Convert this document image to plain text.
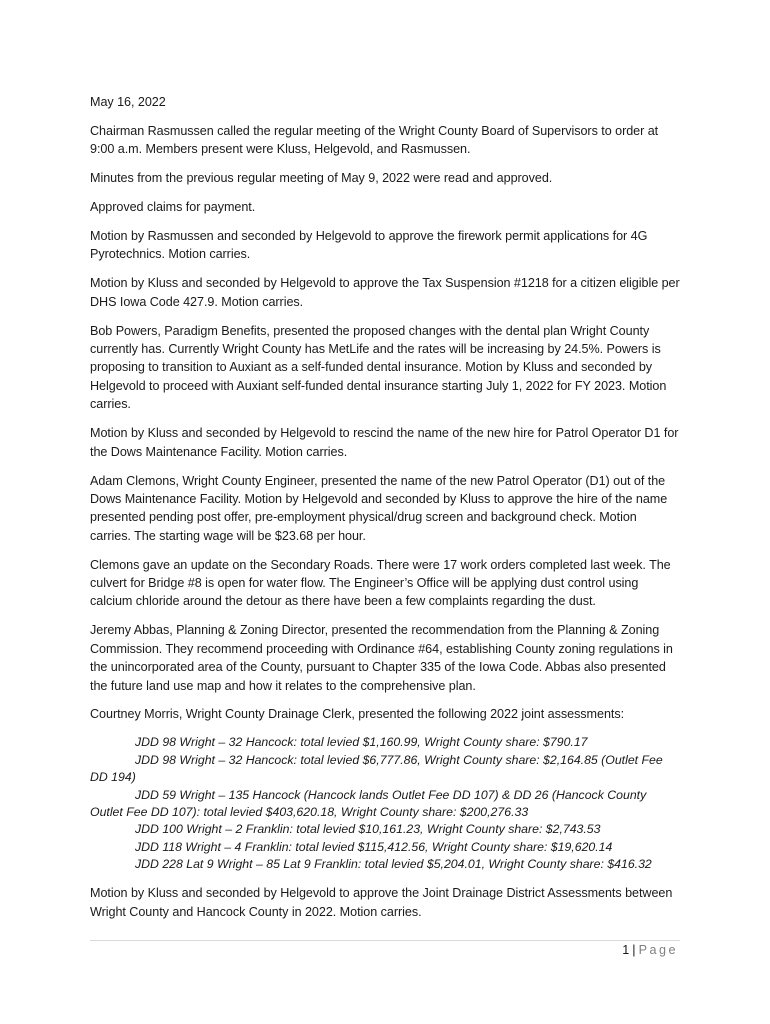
May 16, 2022

Chairman Rasmussen called the regular meeting of the Wright County Board of Supervisors to order at 9:00 a.m. Members present were Kluss, Helgevold, and Rasmussen.

Minutes from the previous regular meeting of May 9, 2022 were read and approved.

Approved claims for payment.

Motion by Rasmussen and seconded by Helgevold to approve the firework permit applications for 4G Pyrotechnics. Motion carries.

Motion by Kluss and seconded by Helgevold to approve the Tax Suspension #1218 for a citizen eligible per DHS Iowa Code 427.9. Motion carries.

Bob Powers, Paradigm Benefits, presented the proposed changes with the dental plan Wright County currently has. Currently Wright County has MetLife and the rates will be increasing by 24.5%. Powers is proposing to transition to Auxiant as a self-funded dental insurance. Motion by Kluss and seconded by Helgevold to proceed with Auxiant self-funded dental insurance starting July 1, 2022 for FY 2023. Motion carries.

Motion by Kluss and seconded by Helgevold to rescind the name of the new hire for Patrol Operator D1 for the Dows Maintenance Facility. Motion carries.

Adam Clemons, Wright County Engineer, presented the name of the new Patrol Operator (D1) out of the Dows Maintenance Facility. Motion by Helgevold and seconded by Kluss to approve the hire of the name presented pending post offer, pre-employment physical/drug screen and background check. Motion carries. The starting wage will be $23.68 per hour.

Clemons gave an update on the Secondary Roads. There were 17 work orders completed last week. The culvert for Bridge #8 is open for water flow. The Engineer’s Office will be applying dust control using calcium chloride around the detour as there have been a few complaints regarding the dust.

Jeremy Abbas, Planning & Zoning Director, presented the recommendation from the Planning & Zoning Commission. They recommend proceeding with Ordinance #64, establishing County zoning regulations in the unincorporated area of the County, pursuant to Chapter 335 of the Iowa Code. Abbas also presented the future land use map and how it relates to the comprehensive plan.

Courtney Morris, Wright County Drainage Clerk, presented the following 2022 joint assessments:

JDD 98 Wright – 32 Hancock: total levied $1,160.99, Wright County share: $790.17

JDD 98 Wright – 32 Hancock: total levied $6,777.86, Wright County share: $2,164.85 (Outlet Fee DD 194)

JDD 59 Wright – 135 Hancock (Hancock lands Outlet Fee DD 107) & DD 26 (Hancock County Outlet Fee DD 107): total levied $403,620.18, Wright County share: $200,276.33

JDD 100 Wright – 2 Franklin: total levied $10,161.23, Wright County share: $2,743.53

JDD 118 Wright – 4 Franklin: total levied $115,412.56, Wright County share: $19,620.14

JDD 228 Lat 9 Wright – 85 Lat 9 Franklin: total levied $5,204.01, Wright County share: $416.32

Motion by Kluss and seconded by Helgevold to approve the Joint Drainage District Assessments between Wright County and Hancock County in 2022. Motion carries.

1 | Page
